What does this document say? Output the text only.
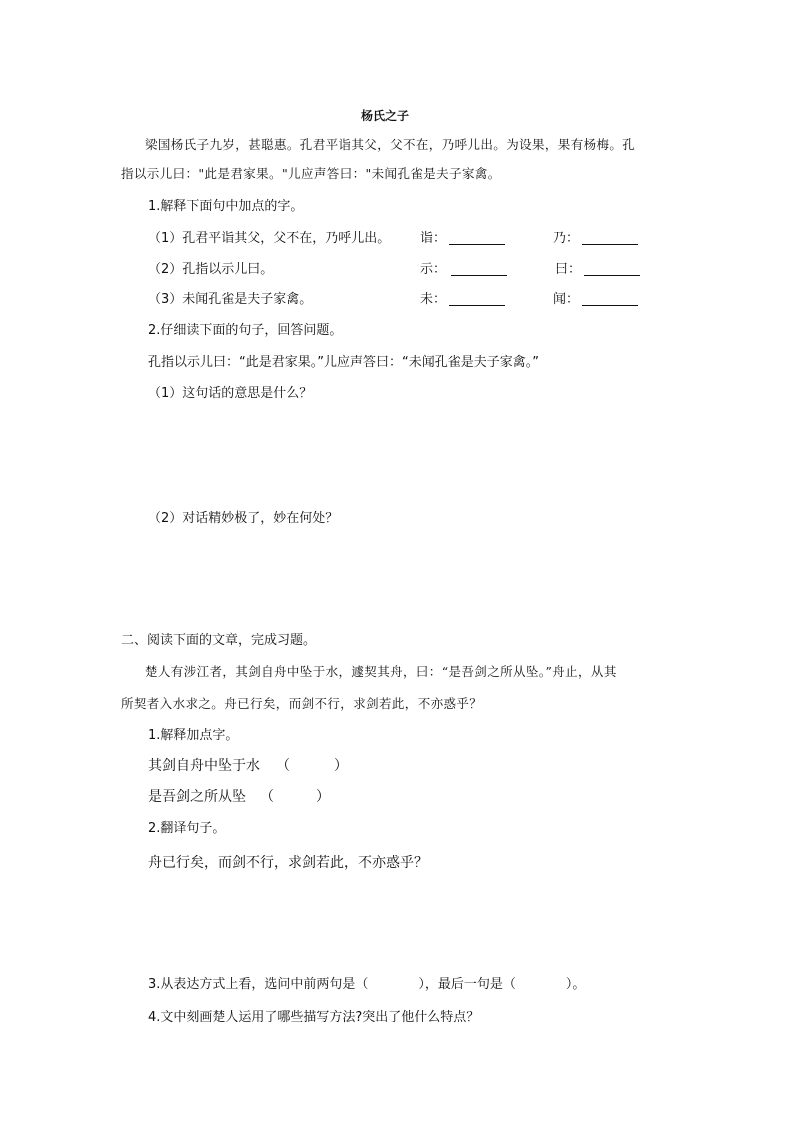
杨氏之子
梁国杨氏子九岁，甚聪惠。孔君平诣其父，父不在，乃呼儿出。为设果，果有杨梅。孔
指以示儿曰："此是君家果。"儿应声答曰："未闻孔雀是夫子家禽。
1.解释下面句中加点的字。
（1）孔君平诣其父，父不在，乃呼儿出。 诣：	乃：
（2）孔指以示儿曰。	示：	曰：
（3）未闻孔雀是夫子家禽。	未：	闻：
2.仔细读下面的句子，回答问题。
孔指以示儿曰：“此是君家果。”儿应声答曰：“未闻孔雀是夫子家禽。”
（1）这句话的意思是什么？
（2）对话精妙极了，妙在何处？
二、阅读下面的文章，完成习题。
楚人有涉江者，其剑自舟中坠于水，遽契其舟，曰：“是吾剑之所从坠。”舟止，从其
所契者入水求之。舟已行矣，而剑不行，求剑若此，不亦惑乎？
1.解释加点字。
其剑自舟中坠于水 （	）
是吾剑之所从坠 （	）
2.翻译句子。
舟已行矣，而剑不行，求剑若此，不亦惑乎？
3.从表达方式上看，选问中前两句是（	），最后一句是（	）。
4.文中刻画楚人运用了哪些描写方法?突出了他什么特点？
